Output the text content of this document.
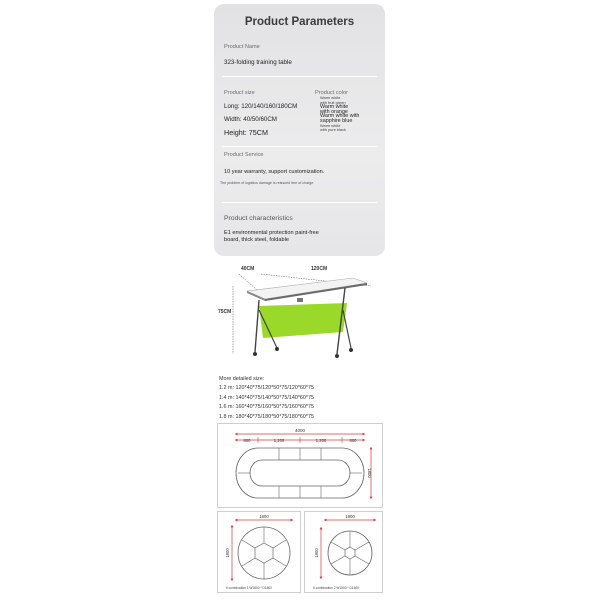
Product Parameters
Product Name
323-folding training table
Product size
Long: 120/140/160/180CM
Width: 40/50/60CM
Height: 75CM
Product color
Warm white
with fruit green
Warm white
with orange
Warm white with
sapphire blue
Warm white
with pure black
Product Service
10 year warranty, support customization.
The problem of logistics damage is reissued free of charge.
Product characteristics
E1 environmental protection paint-free
board, thick steel, foldable
40CM	120CM
75CM
More detailed size:
1.2 m: 120*40*75/120*50*75/120*60*75
1.4 m: 140*40*75/140*50*75/140*60*75
1.6 m: 160*40*75/160*50*75/160*60*75
1.8 m: 180*40*75/180*50*75/180*60*75
4000
800	1,200	1,200	800
1800
1800
1800
6 combination 1 W1800 * D1800
1800
1800
6 combination 2 W1500 * D1600
